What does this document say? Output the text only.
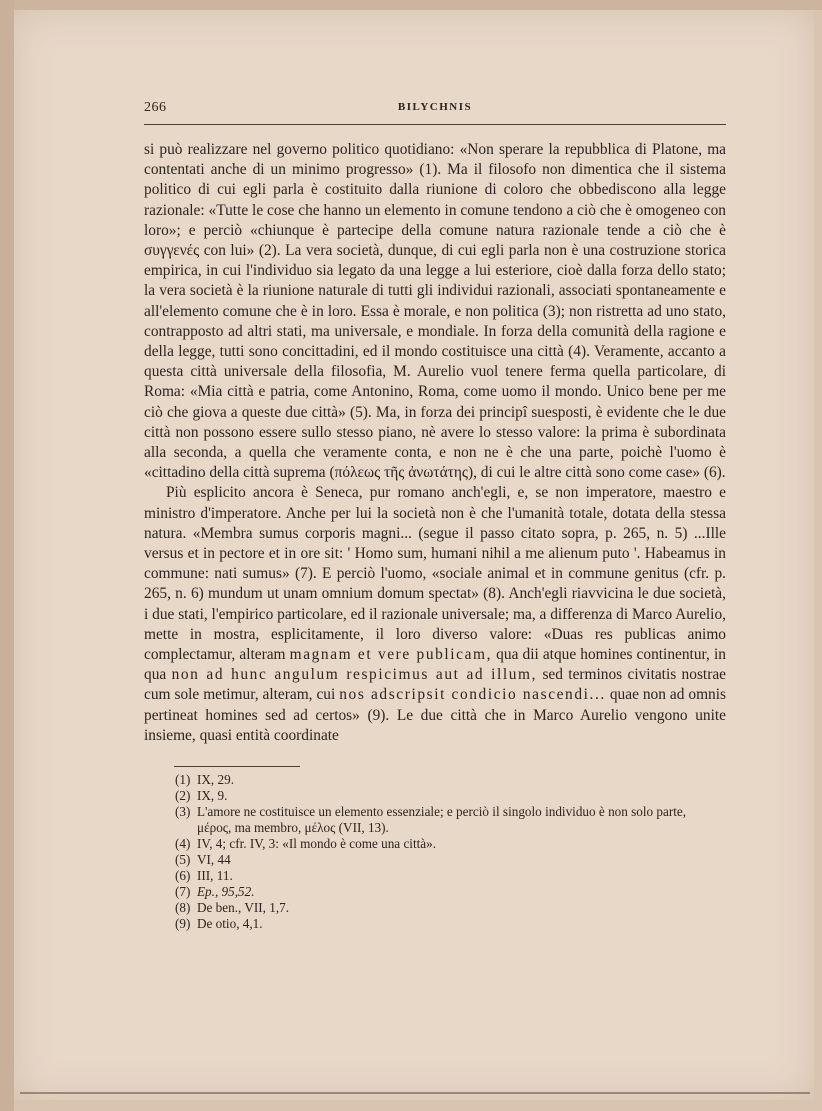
266	BILYCHNIS

si può realizzare nel governo politico quotidiano: «Non sperare la repubblica di Platone, ma contentati anche di un minimo progresso» (1). Ma il filosofo non dimentica che il sistema politico di cui egli parla è costituito dalla riunione di coloro che obbediscono alla legge razionale: «Tutte le cose che hanno un elemento in comune tendono a ciò che è omogeneo con loro»; e perciò «chiunque è partecipe della comune natura razionale tende a ciò che è συγγενές con lui» (2). La vera società, dunque, di cui egli parla non è una costruzione storica empirica, in cui l'individuo sia legato da una legge a lui esteriore, cioè dalla forza dello stato; la vera società è la riunione naturale di tutti gli individui razionali, associati spontaneamente e all'elemento comune che è in loro. Essa è morale, e non politica (3); non ristretta ad uno stato, contrapposto ad altri stati, ma universale, e mondiale. In forza della comunità della ragione e della legge, tutti sono concittadini, ed il mondo costituisce una città (4). Veramente, accanto a questa città universale della filosofia, M. Aurelio vuol tenere ferma quella particolare, di Roma: «Mia città e patria, come Antonino, Roma, come uomo il mondo. Unico bene per me ciò che giova a queste due città» (5). Ma, in forza dei principî suesposti, è evidente che le due città non possono essere sullo stesso piano, nè avere lo stesso valore: la prima è subordinata alla seconda, a quella che veramente conta, e non ne è che una parte, poichè l'uomo è «cittadino della città suprema (πόλεως τῆς ἀνωτάτης), di cui le altre città sono come case» (6).

Più esplicito ancora è Seneca, pur romano anch'egli, e, se non imperatore, maestro e ministro d'imperatore. Anche per lui la società non è che l'umanità totale, dotata della stessa natura. «Membra sumus corporis magni... (segue il passo citato sopra, p. 265, n. 5) ...Ille versus et in pectore et in ore sit: ' Homo sum, humani nihil a me alienum puto '. Habeamus in commune: nati sumus» (7). E perciò l'uomo, «sociale animal et in commune genitus (cfr. p. 265, n. 6) mundum ut unam omnium domum spectat» (8). Anch'egli riavvicina le due società, i due stati, l'empirico particolare, ed il razionale universale; ma, a differenza di Marco Aurelio, mette in mostra, esplicitamente, il loro diverso valore: «Duas res publicas animo complectamur, alteram magnam et vere publicam, qua dii atque homines continentur, in qua non ad hunc angulum respicimus aut ad illum, sed terminos civitatis nostrae cum sole metimur, alteram, cui nos adscripsit condicio nascendi... quae non ad omnis pertineat homines sed ad certos» (9). Le due città che in Marco Aurelio vengono unite insieme, quasi entità coordinate

(1) IX, 29.
(2) IX, 9.
(3) L'amore ne costituisce un elemento essenziale; e perciò il singolo individuo è non solo parte, μέρος, ma membro, μέλος (VII, 13).
(4) IV, 4; cfr. IV, 3: «Il mondo è come una città».
(5) VI, 44
(6) III, 11.
(7) Ep., 95,52.
(8) De ben., VII, 1,7.
(9) De otio, 4,1.
